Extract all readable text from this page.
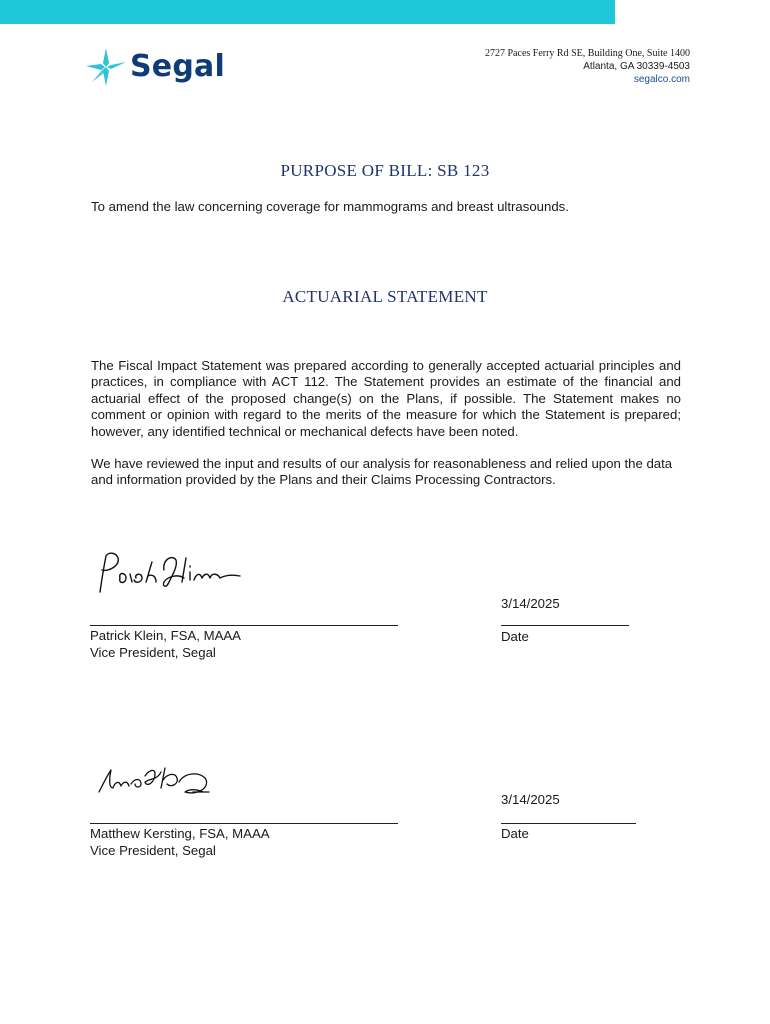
Segal	2727 Paces Ferry Rd SE, Building One, Suite 1400
Atlanta, GA 30339-4503
segalco.com
PURPOSE OF BILL: SB 123
To amend the law concerning coverage for mammograms and breast ultrasounds.
ACTUARIAL STATEMENT
The Fiscal Impact Statement was prepared according to generally accepted actuarial principles and practices, in compliance with ACT 112. The Statement provides an estimate of the financial and actuarial effect of the proposed change(s) on the Plans, if possible. The Statement makes no comment or opinion with regard to the merits of the measure for which the Statement is prepared; however, any identified technical or mechanical defects have been noted.
We have reviewed the input and results of our analysis for reasonableness and relied upon the data and information provided by the Plans and their Claims Processing Contractors.
3/14/2025
Patrick Klein, FSA, MAAA
Vice President, Segal
Date
3/14/2025
Matthew Kersting, FSA, MAAA
Vice President, Segal
Date
